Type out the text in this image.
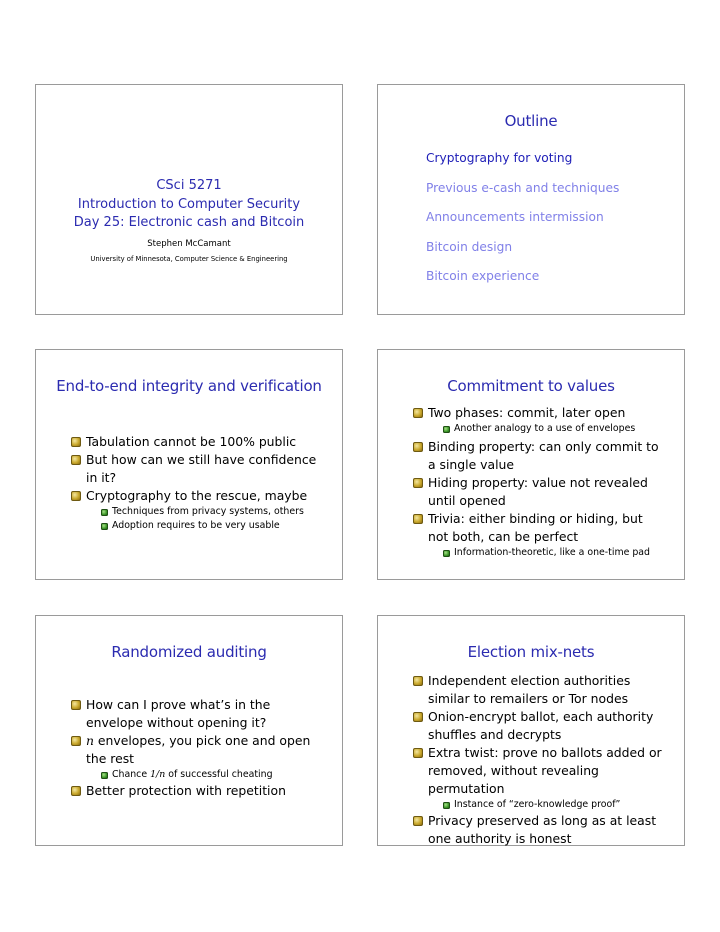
CSci 5271
Introduction to Computer Security
Day 25: Electronic cash and Bitcoin
Stephen McCamant
University of Minnesota, Computer Science & Engineering
Outline
Cryptography for voting
Previous e-cash and techniques
Announcements intermission
Bitcoin design
Bitcoin experience
End-to-end integrity and verification
Tabulation cannot be 100% public
But how can we still have confidence in it?
Cryptography to the rescue, maybe
Techniques from privacy systems, others
Adoption requires to be very usable
Commitment to values
Two phases: commit, later open
Another analogy to a use of envelopes
Binding property: can only commit to a single value
Hiding property: value not revealed until opened
Trivia: either binding or hiding, but not both, can be perfect
Information-theoretic, like a one-time pad
Randomized auditing
How can I prove what’s in the envelope without opening it?
n envelopes, you pick one and open the rest
Chance 1/n of successful cheating
Better protection with repetition
Election mix-nets
Independent election authorities similar to remailers or Tor nodes
Onion-encrypt ballot, each authority shuffles and decrypts
Extra twist: prove no ballots added or removed, without revealing permutation
Instance of “zero-knowledge proof”
Privacy preserved as long as at least one authority is honest
